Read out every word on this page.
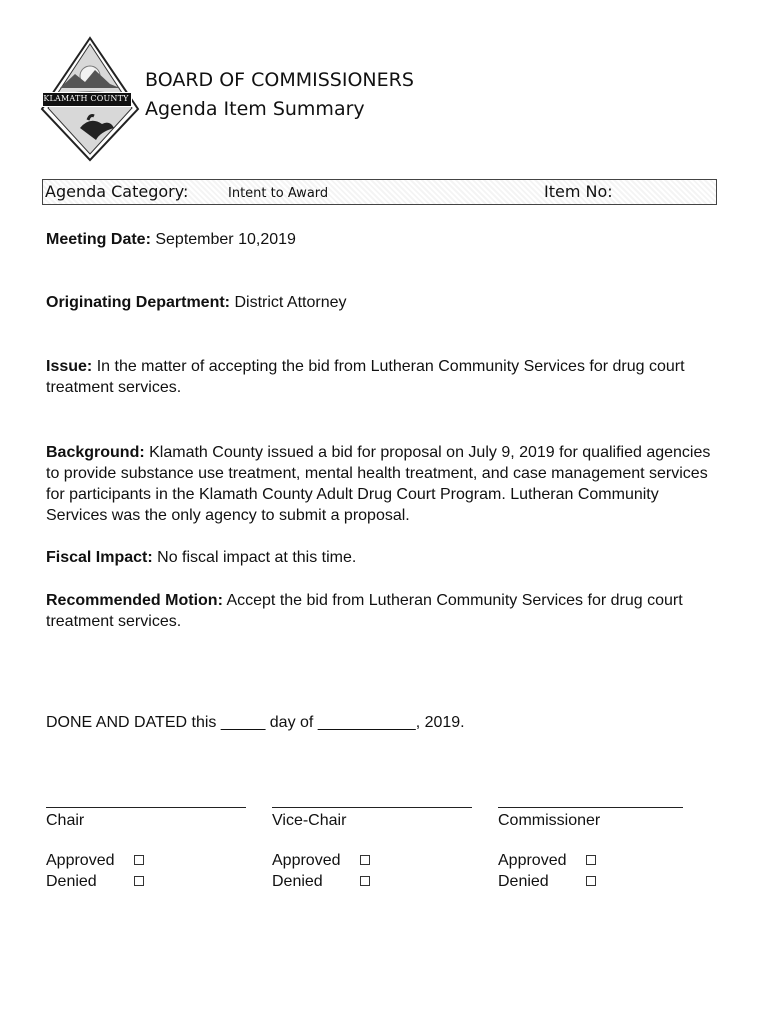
KLAMATH COUNTY
BOARD OF COMMISSIONERS
Agenda Item Summary
Agenda Category:	Intent to Award	Item No:
Meeting Date: September 10,2019
Originating Department: District Attorney
Issue: In the matter of accepting the bid from Lutheran Community Services for drug court treatment services.
Background: Klamath County issued a bid for proposal on July 9, 2019 for qualified agencies to provide substance use treatment, mental health treatment, and case management services for participants in the Klamath County Adult Drug Court Program. Lutheran Community Services was the only agency to submit a proposal.
Fiscal Impact: No fiscal impact at this time.
Recommended Motion: Accept the bid from Lutheran Community Services for drug court treatment services.
DONE AND DATED this _____ day of ___________, 2019.
Chair
Approved
Denied
Vice-Chair
Approved
Denied
Commissioner
Approved
Denied
